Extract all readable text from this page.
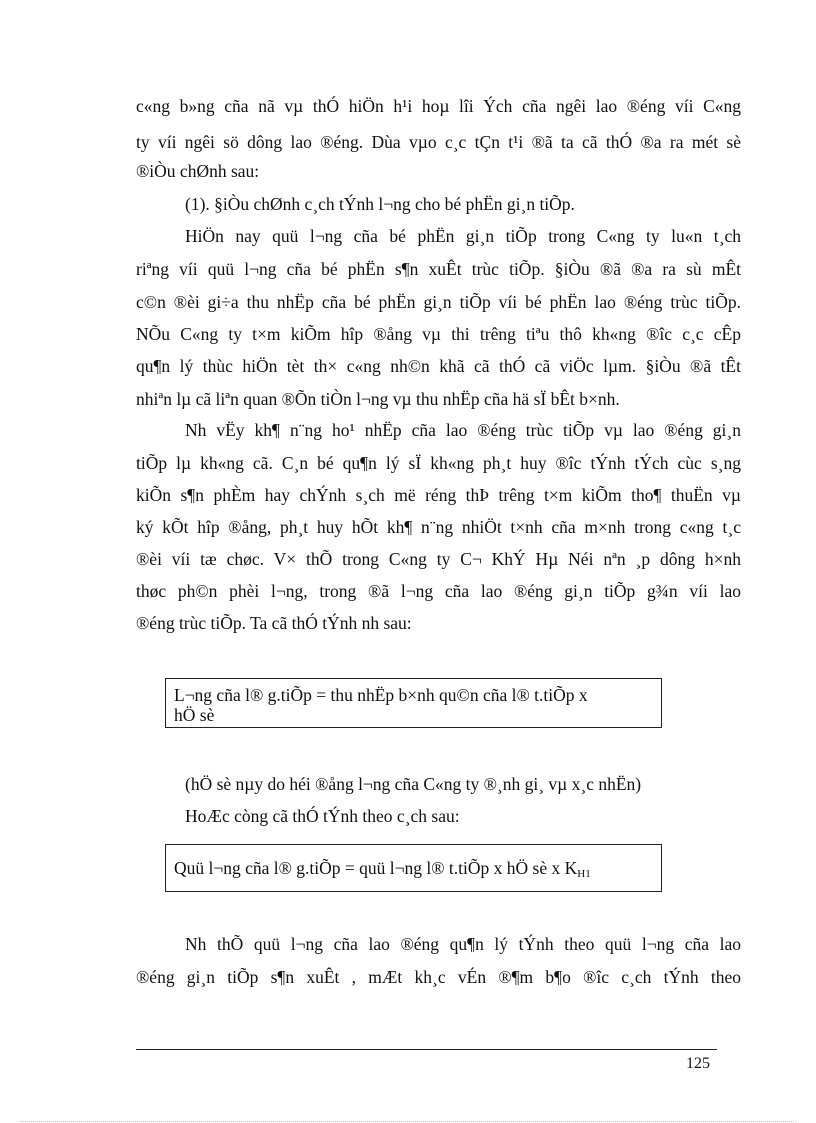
c«ng b»ng cña nã vµ thÓ hiÖn h¹i hoµ lîi Ých cña ngêi lao ®éng víi C«ng
ty víi ngêi sö dông lao ®éng. Dùa vµo c¸c tÇn t¹i ®ã ta cã thÓ ®a ra mét sè
®iÒu chØnh sau:
(1). §iÒu chØnh c¸ch tÝnh l¬ng cho bé phËn gi¸n tiÕp.
HiÖn nay quü l¬ng cña bé phËn gi¸n tiÕp trong C«ng ty lu«n t¸ch
riªng víi quü l¬ng cña bé phËn s¶n xuÊt trùc tiÕp. §iÒu ®ã ®a ra sù mÊt
c©n ®èi gi÷a thu nhËp cña bé phËn gi¸n tiÕp víi bé phËn lao ®éng trùc tiÕp.
NÕu C«ng ty t×m kiÕm hîp ®ång vµ thi trêng tiªu thô kh«ng ®îc c¸c cÊp
qu¶n lý thùc hiÖn tèt th× c«ng nh©n khã cã thÓ cã viÖc lµm. §iÒu ®ã tÊt
nhiªn lµ cã liªn quan ®Õn tiÒn l¬ng vµ thu nhËp cña hä sÏ bÊt b×nh.
Nh vËy kh¶ n¨ng ho¹ nhËp cña lao ®éng trùc tiÕp vµ lao ®éng gi¸n
tiÕp lµ kh«ng cã. C¸n bé qu¶n lý sÏ kh«ng ph¸t huy ®îc tÝnh tÝch cùc s¸ng
kiÕn s¶n phÈm hay chÝnh s¸ch më réng thÞ trêng t×m kiÕm tho¶ thuËn vµ
ký kÕt hîp ®ång, ph¸t huy hÕt kh¶ n¨ng nhiÖt t×nh cña m×nh trong c«ng t¸c
®èi víi tæ chøc. V× thÕ trong C«ng ty C¬ KhÝ Hµ Néi nªn ¸p dông h×nh
thøc ph©n phèi l¬ng, trong ®ã l¬ng cña lao ®éng gi¸n tiÕp g¾n víi lao
®éng trùc tiÕp. Ta cã thÓ tÝnh nh sau:
L¬ng cña l® g.tiÕp = thu nhËp b×nh qu©n cña l® t.tiÕp x
hÖ sè
(hÖ sè nµy do héi ®ång l¬ng cña C«ng ty ®¸nh gi¸ vµ x¸c nhËn)
HoÆc còng cã thÓ tÝnh theo c¸ch sau:
Quü l¬ng cña l® g.tiÕp = quü l¬ng l® t.tiÕp x hÖ sè x $K_{H1}$
Nh thÕ quü l¬ng cña lao ®éng qu¶n lý tÝnh theo quü l¬ng cña lao
®éng gi¸n tiÕp s¶n xuÊt , mÆt kh¸c vÉn ®¶m b¶o ®îc c¸ch tÝnh theo
125
